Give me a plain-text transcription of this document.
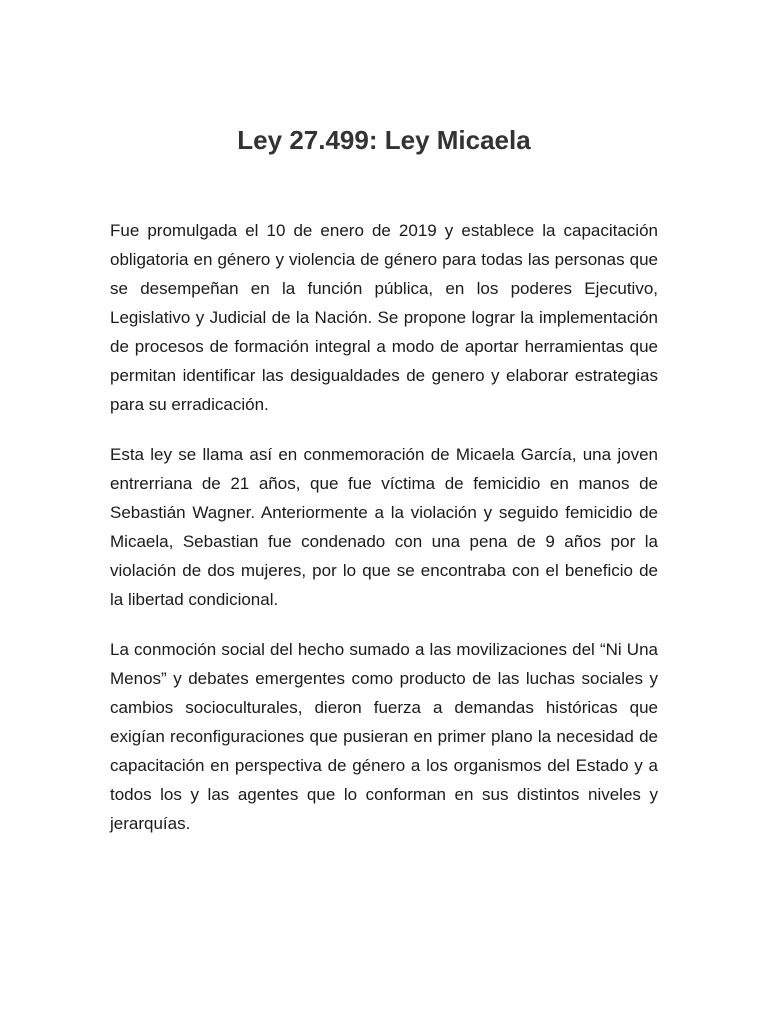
Ley 27.499: Ley Micaela

Fue promulgada el 10 de enero de 2019 y establece la capacitación obligatoria en género y violencia de género para todas las personas que se desempeñan en la función pública, en los poderes Ejecutivo, Legislativo y Judicial de la Nación. Se propone lograr la implementación de procesos de formación integral a modo de aportar herramientas que permitan identificar las desigualdades de genero y elaborar estrategias para su erradicación.

Esta ley se llama así en conmemoración de Micaela García, una joven entrerriana de 21 años, que fue víctima de femicidio en manos de Sebastián Wagner. Anteriormente a la violación y seguido femicidio de Micaela, Sebastian fue condenado con una pena de 9 años por la violación de dos mujeres, por lo que se encontraba con el beneficio de la libertad condicional.

La conmoción social del hecho sumado a las movilizaciones del “Ni Una Menos” y debates emergentes como producto de las luchas sociales y cambios socioculturales, dieron fuerza a demandas históricas que exigían reconfiguraciones que pusieran en primer plano la necesidad de capacitación en perspectiva de género a los organismos del Estado y a todos los y las agentes que lo conforman en sus distintos niveles y jerarquías.
